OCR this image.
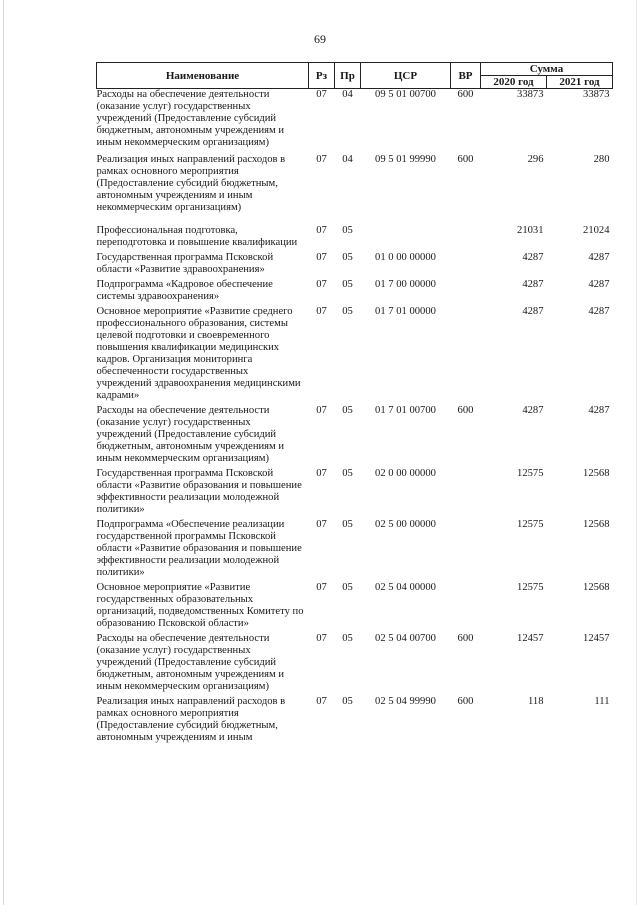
69
Наименование	Рз	Пр	ЦСР	ВР	Сумма	
					2020 год	2021 год
Расходы на обеспечение деятельности (оказание услуг) государственных учреждений (Предоставление субсидий бюджетным, автономным учреждениям и иным некоммерческим организациям)	07	04	09 5 01 00700	600	33873	33873
Реализация иных направлений расходов в рамках основного мероприятия (Предоставление субсидий бюджетным, автономным учреждениям и иным некоммерческим организациям)	07	04	09 5 01 99990	600	296	280
Профессиональная подготовка, переподготовка и повышение квалификации	07	05			21031	21024
Государственная программа Псковской области «Развитие здравоохранения»	07	05	01 0 00 00000		4287	4287
Подпрограмма «Кадровое обеспечение системы здравоохранения»	07	05	01 7 00 00000		4287	4287
Основное мероприятие «Развитие среднего профессионального образования, системы целевой подготовки и своевременного повышения квалификации медицинских кадров. Организация мониторинга обеспеченности государственных учреждений здравоохранения медицинскими кадрами»	07	05	01 7 01 00000		4287	4287
Расходы на обеспечение деятельности (оказание услуг) государственных учреждений (Предоставление субсидий бюджетным, автономным учреждениям и иным некоммерческим организациям)	07	05	01 7 01 00700	600	4287	4287
Государственная программа Псковской области «Развитие образования и повышение эффективности реализации молодежной политики»	07	05	02 0 00 00000		12575	12568
Подпрограмма «Обеспечение реализации государственной программы Псковской области «Развитие образования и повышение эффективности реализации молодежной политики»	07	05	02 5 00 00000		12575	12568
Основное мероприятие «Развитие государственных образовательных организаций, подведомственных Комитету по образованию Псковской области»	07	05	02 5 04 00000		12575	12568
Расходы на обеспечение деятельности (оказание услуг) государственных учреждений (Предоставление субсидий бюджетным, автономным учреждениям и иным некоммерческим организациям)	07	05	02 5 04 00700	600	12457	12457
Реализация иных направлений расходов в рамках основного мероприятия (Предоставление субсидий бюджетным, автономным учреждениям и иным	07	05	02 5 04 99990	600	118	111
